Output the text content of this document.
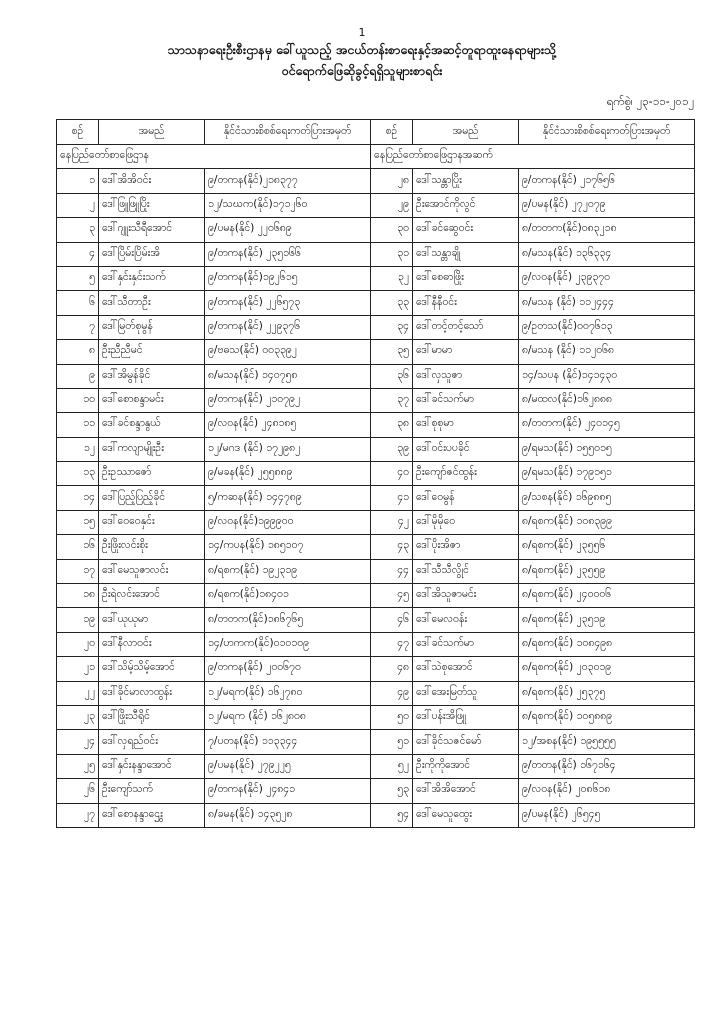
1
သာသနာရေးဦးစီးဌာနမှ ခေါ်ယူသည့် အငယ်တန်းစာရေးနှင့်အဆင့်တူရာထူးနေရာများသို့
ဝင်ရောက်ဖြေဆိုခွင့်ရရှိသူများစာရင်း
ရက်စွဲ၊ ၂၃-၁၁-၂၀၁၂
စဉ်	အမည်	နိုင်ငံသားစိစစ်ရေးကတ်ပြားအမှတ်	စဉ်	အမည်	နိုင်ငံသားစိစစ်ရေးကတ်ပြားအမှတ်
နေပြည်တော်စာဖြေဌာန			နေပြည်တော်စာဖြေဌာနအဆက်		
၁	ဒေါ်အိအိဝင်း	၉/တကန(နိုင်)၂၁၈၃၇၇	၂၈	ဒေါ်သန္တာပြိုး	၉/တကန(နိုင်) ၂၁၇၆၅၆
၂	ဒေါ်ဖြူဖြူပြိုး	၁၂/သဃက(နိုင်)၁၇၁၂၆၀	၂၉	ဦးအောင်ကိုလွင်	၉/ပမန(နိုင်) ၂၇၂၀၇၉
၃	ဒေါ်ဂျူးသီရီအောင်	၉/ပမန(နိုင်) ၂၂၀၆၈၉	၃၀	ဒေါ်ခင်ဆွေဝင်း	၈/တတက(နိုင်)၀၈၃၂၁၈
၄	ဒေါ်ပြိမ်းပြိမ်းအိ	၉/တကန(နိုင်) ၂၃၅၁၆၆	၃၁	ဒေါ်သန္တာချို	၈/မသန(နိုင်) ၁၃၆၃၃၄
၅	ဒေါ်နှင်းနှင်းသက်	၉/တကန(နိုင်)၁၉၂၆၁၅	၃၂	ဒေါ်စေဓာဖြိုး	၉/လဝန(နိုင်) ၂၃၉၃၇၀
၆	ဒေါ်သီတာဦး	၉/တကန(နိုင်) ၂၂၆၅၇၃	၃၃	ဒေါ်နီနီဝင်း	၈/မသန (နိုင်) ၁၁၂၄၄၄
၇	ဒေါ်မြတ်စုမွန်	၉/တကန(နိုင်) ၂၂၉၃၇၆	၃၄	ဒေါ်တင့်တင့်သော်	၉/ဥတသ(နိုင်)၀၀၇၆၁၃
၈	ဦးညီညီမင်	၉/ဗဓသ(နိုင်) ၀၀၃၃၉၂	၃၅	ဒေါ်မာမာ	၈/မသန (နိုင်) ၁၁၂၀၆၈
၉	ဒေါ်အိမွန်ခိုင်	၈/မသန(နိုင်) ၁၄၀၇၅၈	၃၆	ဒေါ်လှသူဇာ	၁၄/သပန (နိုင်)၁၄၁၄၃၀
၁၀	ဒေါ်စောစန္ဒာမင်း	၉/တကန(နိုင်) ၂၁၀၇၉၂	၃၇	ဒေါ်ခင်သက်မာ	၈/မထလ(နိုင်)၁၆၂၈၈၈
၁၁	ဒေါ်ခင်စန္ဒာနွယ်	၉/လဝန(နိုင်) ၂၄၈၁၈၅	၃၈	ဒေါ်စုစုမာ	၈/တတက(နိုင်) ၂၄၀၁၄၅
၁၂	ဒေါ်ကလျာမျိုးဦး	၁၂/မဂဒ (နိုင်) ၁၇၂၉၈၂	၃၉	ဒေါ်ဝင်းပပခိုင်	၉/ရမသ(နိုင်) ၁၅၅၀၁၅
၁၃	ဦးဥဿာဇော်	၉/မခန(နိုင်) ၂၅၅၈၈၉	၄၀	ဦးကျော်ဇင်ထွန်း	၉/ရမသ(နိုင်) ၁၇၉၁၅၁
၁၄	ဒေါ်ပြည့်ပြည့်ခိုင်	၅/ကဆန(နိုင်) ၁၄၄၇၈၉	၄၁	ဒေါ်ဝေမွန်	၉/သစန(နိုင်) ၁၆၉၈၈၅
၁၅	ဒေါ်ဝေဝေနှင်း	၉/လဝန(နိုင်)၁၉၉၉၀၀	၄၂	ဒေါ်မိုမိုဝေ	၈/ရစက(နိုင်) ၁၀၈၃၉၉
၁၆	ဦးဖြိုးလင်းစိုး	၁၄/ကပန(နိုင်) ၁၈၅၁၀၇	၄၃	ဒေါ်ပိုးအိဇာ	၈/ရစက(နိုင်) ၂၃၅၅၆
၁၇	ဒေါ်မေသူဇာလင်း	၈/ရစက(နိုင်) ၁၉၂၃၁၉	၄၄	ဒေါ်သီသီလွိုင်	၈/ရစက(နိုင်) ၂၃၅၅၉
၁၈	ဦးရဲလင်းအောင်	၈/ရစက(နိုင်)၁၈၄၀၁	၄၅	ဒေါ်အိသူဇာမင်း	၈/ရစက(နိုင်) ၂၄၀၀၀၆
၁၉	ဒေါ်ယုယုမာ	၈/တတက(နိုင်)၁၈၆၇၆၅	၄၆	ဒေါ်မေလဝန်း	၈/ရစက(နိုင်) ၂၃၅၁၉
၂၀	ဒေါ်နီလာဝင်း	၁၄/ဟကက(နိုင်)၀၁၀၁၀၉	၄၇	ဒေါ်ခင်သက်မာ	၈/ရစက(နိုင်) ၁၀၈၄၉၈
၂၁	ဒေါ်သိမ့်သိမ့်အောင်	၉/တကန(နိုင်) ၂၀၀၆၇၀	၄၈	ဒေါ်သဲစုအောင်	၈/ရစက(နိုင်) ၂၀၃၀၁၉
၂၂	ဒေါ်ခိုင်မာလာထွန်း	၁၂/မရက(နိုင်) ၁၆၂၇၈၀	၄၉	ဒေါ်အေးမြတ်သူ	၈/ရစက(နိုင်) ၂၅၃၇၅
၂၃	ဒေါ်ဖြိုးသီရိုင်	၁၂/မရက (နိုင်) ၁၆၂၈၀၈	၅၀	ဒေါ်ပန်းအိဖြူ	၈/ရစက(နိုင်) ၁၀၅၈၈၉
၂၄	ဒေါ်လှရည်ဝင်း	၇/ပတန(နိုင်) ၁၁၃၃၄၄	၅၁	ဒေါ်ခိုင်သဇင်မော်	၁၂/အစန(နိုင်) ၁၉၅၅၅၅
၂၅	ဒေါ်နှင်းနန္ဒာအောင်	၉/ပမန(နိုင်) ၂၇၉၂၂၅	၅၂	ဦးကိုကိုအောင်	၉/တတန(နိုင်) ၁၆၇၁၆၄
၂၆	ဦးကျော်သက်	၉/တကန(နိုင်) ၂၄၈၄၁	၅၃	ဒေါ်အိအိအောင်	၉/လဝန(နိုင်) ၂၀၈၆၁၈
၂၇	ဒေါ်စောနန္ဒာဌွေး	၈/ခမန(နိုင်) ၁၄၃၅၂၈	၅၄	ဒေါ်မေသူထွေး	၉/ပမန(နိုင်) ၂၆၅၄၅
